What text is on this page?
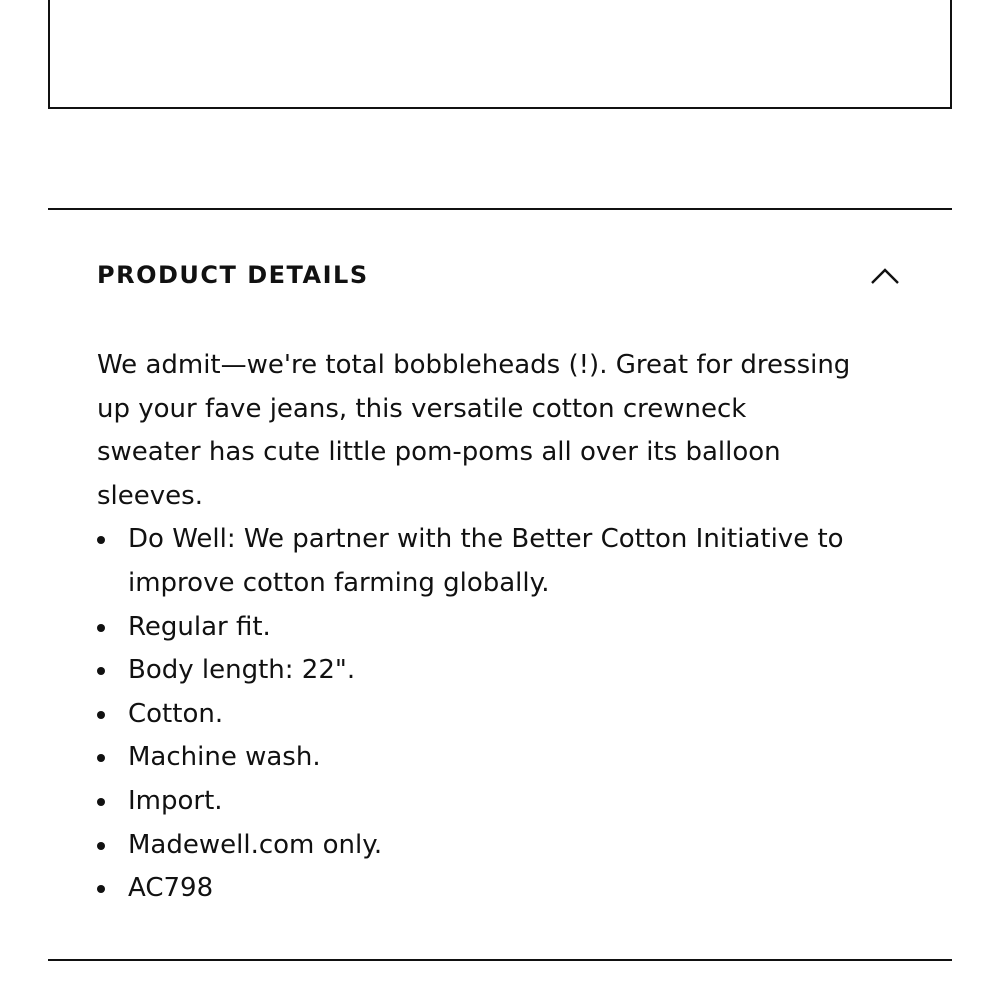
PRODUCT DETAILS

We admit—we're total bobbleheads (!). Great for dressing up your fave jeans, this versatile cotton crewneck sweater has cute little pom-poms all over its balloon sleeves.

Do Well: We partner with the Better Cotton Initiative to improve cotton farming globally.
Regular fit.
Body length: 22".
Cotton.
Machine wash.
Import.
Madewell.com only.
AC798
